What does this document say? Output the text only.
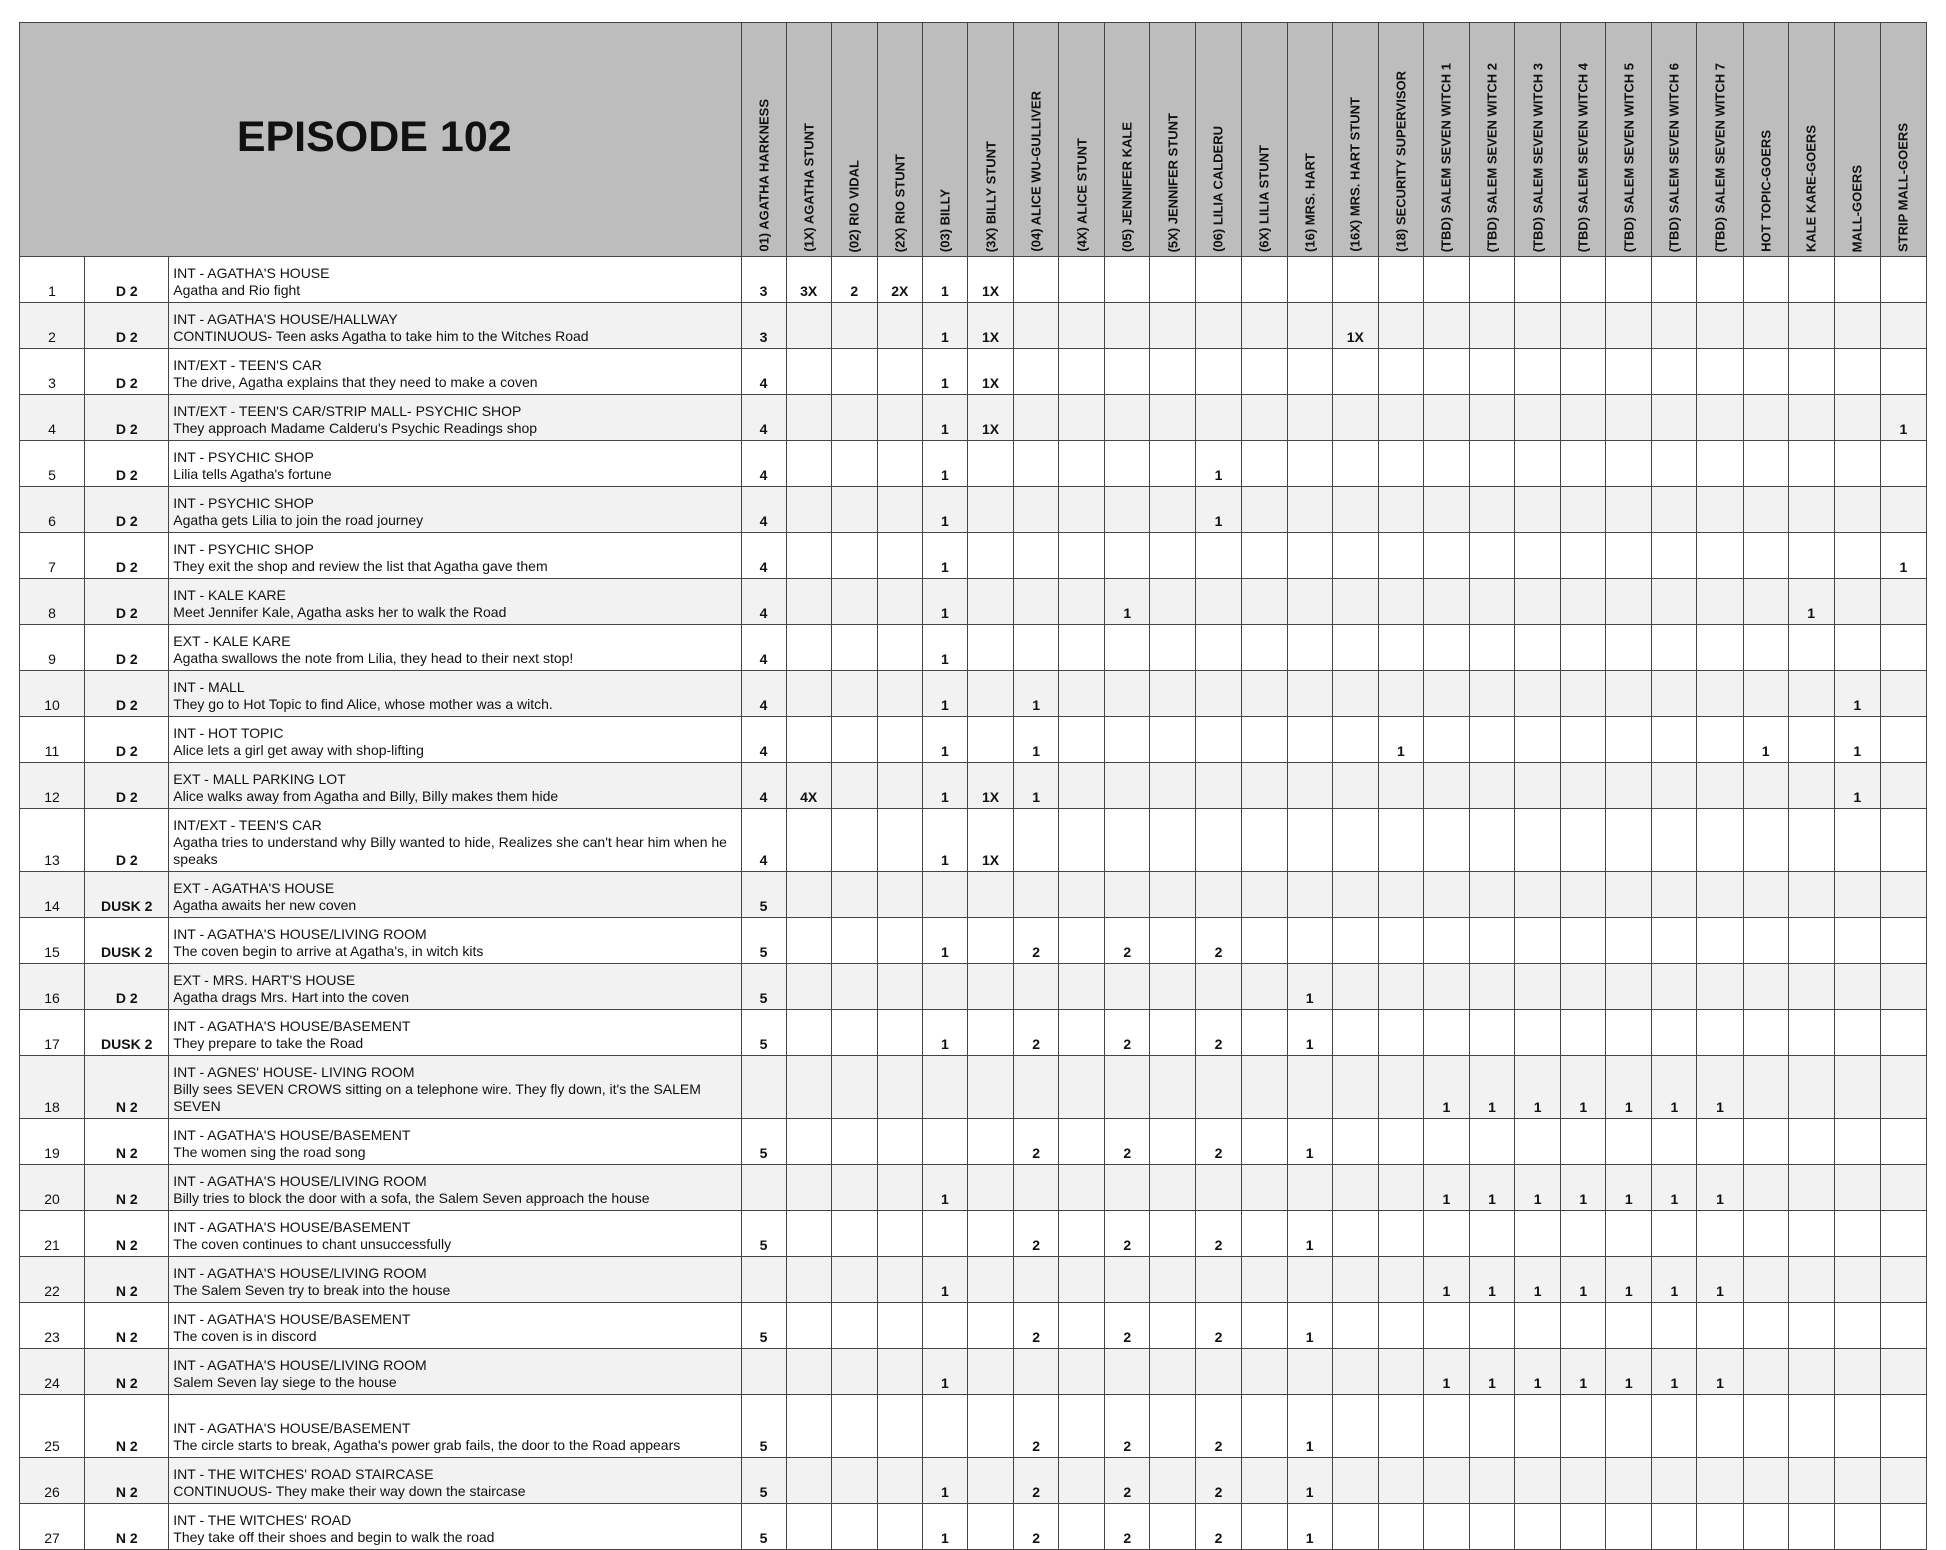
EPISODE 102			01) AGATHA HARKNESS	(1X) AGATHA STUNT	(02) RIO VIDAL	(2X) RIO STUNT	(03) BILLY	(3X) BILLY STUNT	(04) ALICE WU-GULLIVER	(4X) ALICE STUNT	(05) JENNIFER KALE	(5X) JENNIFER STUNT	(06) LILIA CALDERU	(6X) LILIA STUNT	(16) MRS. HART	(16X) MRS. HART STUNT	(18) SECURITY SUPERVISOR	(TBD) SALEM SEVEN WITCH 1	(TBD) SALEM SEVEN WITCH 2	(TBD) SALEM SEVEN WITCH 3	(TBD) SALEM SEVEN WITCH 4	(TBD) SALEM SEVEN WITCH 5	(TBD) SALEM SEVEN WITCH 6	(TBD) SALEM SEVEN WITCH 7	HOT TOPIC-GOERS	KALE KARE-GOERS	MALL-GOERS	STRIP MALL-GOERS

1	D 2	INT - AGATHA'S HOUSE
Agatha and Rio fight	3	3X	2	2X	1	1X																				
2	D 2	INT - AGATHA'S HOUSE/HALLWAY
CONTINUOUS- Teen asks Agatha to take him to the Witches Road	3				1	1X								1X												
3	D 2	INT/EXT - TEEN'S CAR
The drive, Agatha explains that they need to make a coven	4				1	1X																				
4	D 2	INT/EXT - TEEN'S CAR/STRIP MALL- PSYCHIC SHOP
They approach Madame Calderu's Psychic Readings shop	4				1	1X																				1
5	D 2	INT - PSYCHIC SHOP
Lilia tells Agatha's fortune	4				1						1															
6	D 2	INT - PSYCHIC SHOP
Agatha gets Lilia to join the road journey	4				1						1															
7	D 2	INT - PSYCHIC SHOP
They exit the shop and review the list that Agatha gave them	4				1																					1
8	D 2	INT - KALE KARE
Meet Jennifer Kale, Agatha asks her to walk the Road	4				1				1															1		
9	D 2	EXT - KALE KARE
Agatha swallows the note from Lilia, they head to their next stop!	4				1																					
10	D 2	INT - MALL
They go to Hot Topic to find Alice, whose mother was a witch.	4				1		1																		1	
11	D 2	INT - HOT TOPIC
Alice lets a girl get away with shop-lifting	4				1		1								1								1		1	
12	D 2	EXT - MALL PARKING LOT
Alice walks away from Agatha and Billy, Billy makes them hide	4	4X			1	1X	1																		1	
13	D 2	INT/EXT - TEEN'S CAR
Agatha tries to understand why Billy wanted to hide, Realizes she can't hear him when he speaks	4				1	1X																				
14	DUSK 2	EXT - AGATHA'S HOUSE
Agatha awaits her new coven	5																									
15	DUSK 2	INT - AGATHA'S HOUSE/LIVING ROOM
The coven begin to arrive at Agatha's, in witch kits	5				1		2		2		2															
16	D 2	EXT - MRS. HART'S HOUSE
Agatha drags Mrs. Hart into the coven	5												1													
17	DUSK 2	INT - AGATHA'S HOUSE/BASEMENT
They prepare to take the Road	5				1		2		2		2		1													
18	N 2	INT - AGNES' HOUSE- LIVING ROOM
Billy sees SEVEN CROWS sitting on a telephone wire. They fly down, it's the SALEM SEVEN																1	1	1	1	1	1	1				
19	N 2	INT - AGATHA'S HOUSE/BASEMENT
The women sing the road song	5						2		2		2		1													
20	N 2	INT - AGATHA'S HOUSE/LIVING ROOM
Billy tries to block the door with a sofa, the Salem Seven approach the house					1											1	1	1	1	1	1	1				
21	N 2	INT - AGATHA'S HOUSE/BASEMENT
The coven continues to chant unsuccessfully	5						2		2		2		1													
22	N 2	INT - AGATHA'S HOUSE/LIVING ROOM
The Salem Seven try to break into the house					1											1	1	1	1	1	1	1				
23	N 2	INT - AGATHA'S HOUSE/BASEMENT
The coven is in discord	5						2		2		2		1													
24	N 2	INT - AGATHA'S HOUSE/LIVING ROOM
Salem Seven lay siege to the house					1											1	1	1	1	1	1	1				
25	N 2	INT - AGATHA'S HOUSE/BASEMENT
The circle starts to break, Agatha's power grab fails, the door to the Road appears	5						2		2		2		1													
26	N 2	INT - THE WITCHES' ROAD STAIRCASE
CONTINUOUS- They make their way down the staircase	5				1		2		2		2		1													
27	N 2	INT - THE WITCHES' ROAD
They take off their shoes and begin to walk the road	5				1		2		2		2		1													
